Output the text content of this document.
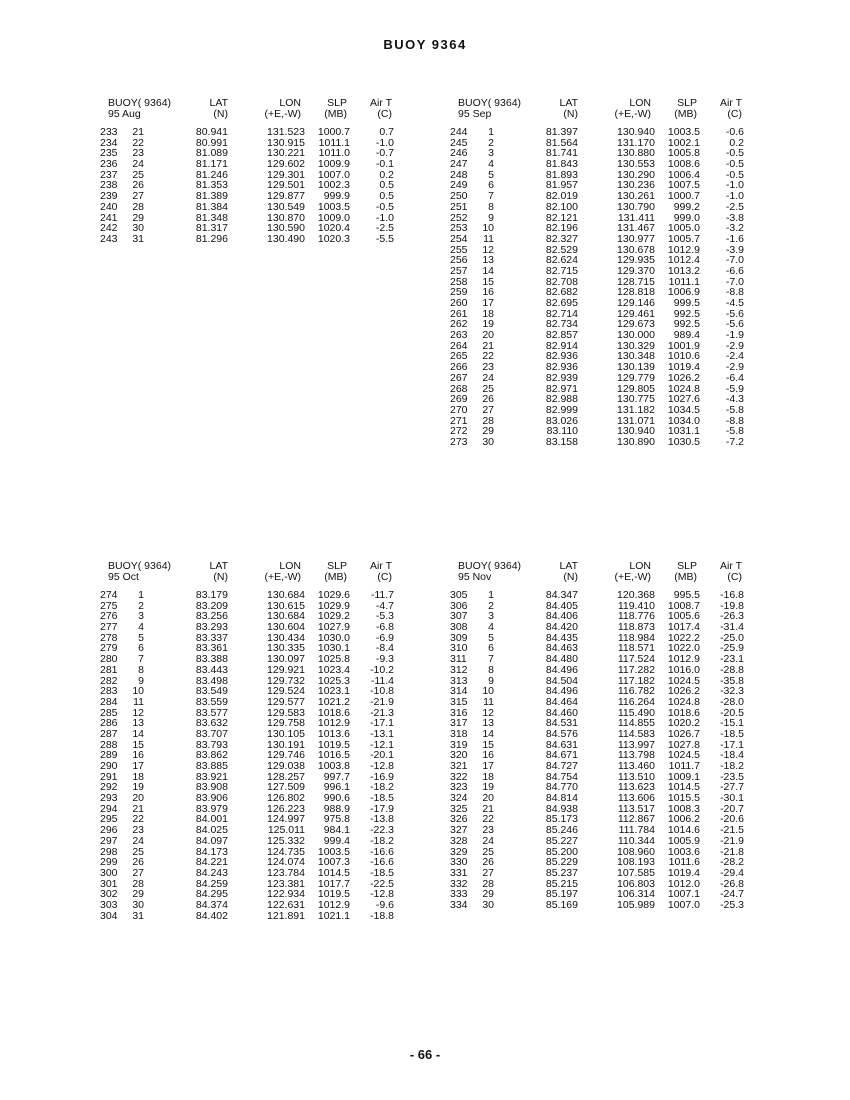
BUOY 9364
BUOY( 9364)
95 Aug
LAT
(N)
LON
(+E,-W)
SLP
(MB)
Air T
(C)
233	21	80.941	131.523	1000.7	0.7
234	22	80.991	130.915	1011.1	-1.0
235	23	81.089	130.221	1011.0	-0.7
236	24	81.171	129.602	1009.9	-0.1
237	25	81.246	129.301	1007.0	0.2
238	26	81.353	129.501	1002.3	0.5
239	27	81.389	129.877	999.9	0.5
240	28	81.384	130.549	1003.5	-0.5
241	29	81.348	130.870	1009.0	-1.0
242	30	81.317	130.590	1020.4	-2.5
243	31	81.296	130.490	1020.3	-5.5
BUOY( 9364)
95 Sep
LAT
(N)
LON
(+E,-W)
SLP
(MB)
Air T
(C)
244	1	81.397	130.940	1003.5	-0.6
245	2	81.564	131.170	1002.1	0.2
246	3	81.741	130.880	1005.8	-0.5
247	4	81.843	130.553	1008.6	-0.5
248	5	81.893	130.290	1006.4	-0.5
249	6	81.957	130.236	1007.5	-1.0
250	7	82.019	130.261	1000.7	-1.0
251	8	82.100	130.790	999.2	-2.5
252	9	82.121	131.411	999.0	-3.8
253	10	82.196	131.467	1005.0	-3.2
254	11	82.327	130.977	1005.7	-1.6
255	12	82.529	130.678	1012.9	-3.9
256	13	82.624	129.935	1012.4	-7.0
257	14	82.715	129.370	1013.2	-6.6
258	15	82.708	128.715	1011.1	-7.0
259	16	82.682	128.818	1006.9	-8.8
260	17	82.695	129.146	999.5	-4.5
261	18	82.714	129.461	992.5	-5.6
262	19	82.734	129.673	992.5	-5.6
263	20	82.857	130.000	989.4	-1.9
264	21	82.914	130.329	1001.9	-2.9
265	22	82.936	130.348	1010.6	-2.4
266	23	82.936	130.139	1019.4	-2.9
267	24	82.939	129.779	1026.2	-6.4
268	25	82.971	129.805	1024.8	-5.9
269	26	82.988	130.775	1027.6	-4.3
270	27	82.999	131.182	1034.5	-5.8
271	28	83.026	131.071	1034.0	-8.8
272	29	83.110	130.940	1031.1	-5.8
273	30	83.158	130.890	1030.5	-7.2
BUOY( 9364)
95 Oct
LAT
(N)
LON
(+E,-W)
SLP
(MB)
Air T
(C)
274	1	83.179	130.684	1029.6	-11.7
275	2	83.209	130.615	1029.9	-4.7
276	3	83.256	130.684	1029.2	-5.3
277	4	83.293	130.604	1027.9	-6.8
278	5	83.337	130.434	1030.0	-6.9
279	6	83.361	130.335	1030.1	-8.4
280	7	83.388	130.097	1025.8	-9.3
281	8	83.443	129.921	1023.4	-10.2
282	9	83.498	129.732	1025.3	-11.4
283	10	83.549	129.524	1023.1	-10.8
284	11	83.559	129.577	1021.2	-21.9
285	12	83.577	129.583	1018.6	-21.3
286	13	83.632	129.758	1012.9	-17.1
287	14	83.707	130.105	1013.6	-13.1
288	15	83.793	130.191	1019.5	-12.1
289	16	83.862	129.746	1016.5	-20.1
290	17	83.885	129.038	1003.8	-12.8
291	18	83.921	128.257	997.7	-16.9
292	19	83.908	127.509	996.1	-18.2
293	20	83.906	126.802	990.6	-18.5
294	21	83.979	126.223	988.9	-17.9
295	22	84.001	124.997	975.8	-13.8
296	23	84.025	125.011	984.1	-22.3
297	24	84.097	125.332	999.4	-18.2
298	25	84.173	124.735	1003.5	-16.6
299	26	84.221	124.074	1007.3	-16.6
300	27	84.243	123.784	1014.5	-18.5
301	28	84.259	123.381	1017.7	-22.5
302	29	84.295	122.934	1019.5	-12.8
303	30	84.374	122.631	1012.9	-9.6
304	31	84.402	121.891	1021.1	-18.8
BUOY( 9364)
95 Nov
LAT
(N)
LON
(+E,-W)
SLP
(MB)
Air T
(C)
305	1	84.347	120.368	995.5	-16.8
306	2	84.405	119.410	1008.7	-19.8
307	3	84.406	118.776	1005.6	-26.3
308	4	84.420	118.873	1017.4	-31.4
309	5	84.435	118.984	1022.2	-25.0
310	6	84.463	118.571	1022.0	-25.9
311	7	84.480	117.524	1012.9	-23.1
312	8	84.496	117.282	1016.0	-28.8
313	9	84.504	117.182	1024.5	-35.8
314	10	84.496	116.782	1026.2	-32.3
315	11	84.464	116.264	1024.8	-28.0
316	12	84.460	115.490	1018.6	-20.5
317	13	84.531	114.855	1020.2	-15.1
318	14	84.576	114.583	1026.7	-18.5
319	15	84.631	113.997	1027.8	-17.1
320	16	84.671	113.798	1024.5	-18.4
321	17	84.727	113.460	1011.7	-18.2
322	18	84.754	113.510	1009.1	-23.5
323	19	84.770	113.623	1014.5	-27.7
324	20	84.814	113.606	1015.5	-30.1
325	21	84.938	113.517	1008.3	-20.7
326	22	85.173	112.867	1006.2	-20.6
327	23	85.246	111.784	1014.6	-21.5
328	24	85.227	110.344	1005.9	-21.9
329	25	85.200	108.960	1003.6	-21.8
330	26	85.229	108.193	1011.6	-28.2
331	27	85.237	107.585	1019.4	-29.4
332	28	85.215	106.803	1012.0	-26.8
333	29	85.197	106.314	1007.1	-24.7
334	30	85.169	105.989	1007.0	-25.3
- 66 -
